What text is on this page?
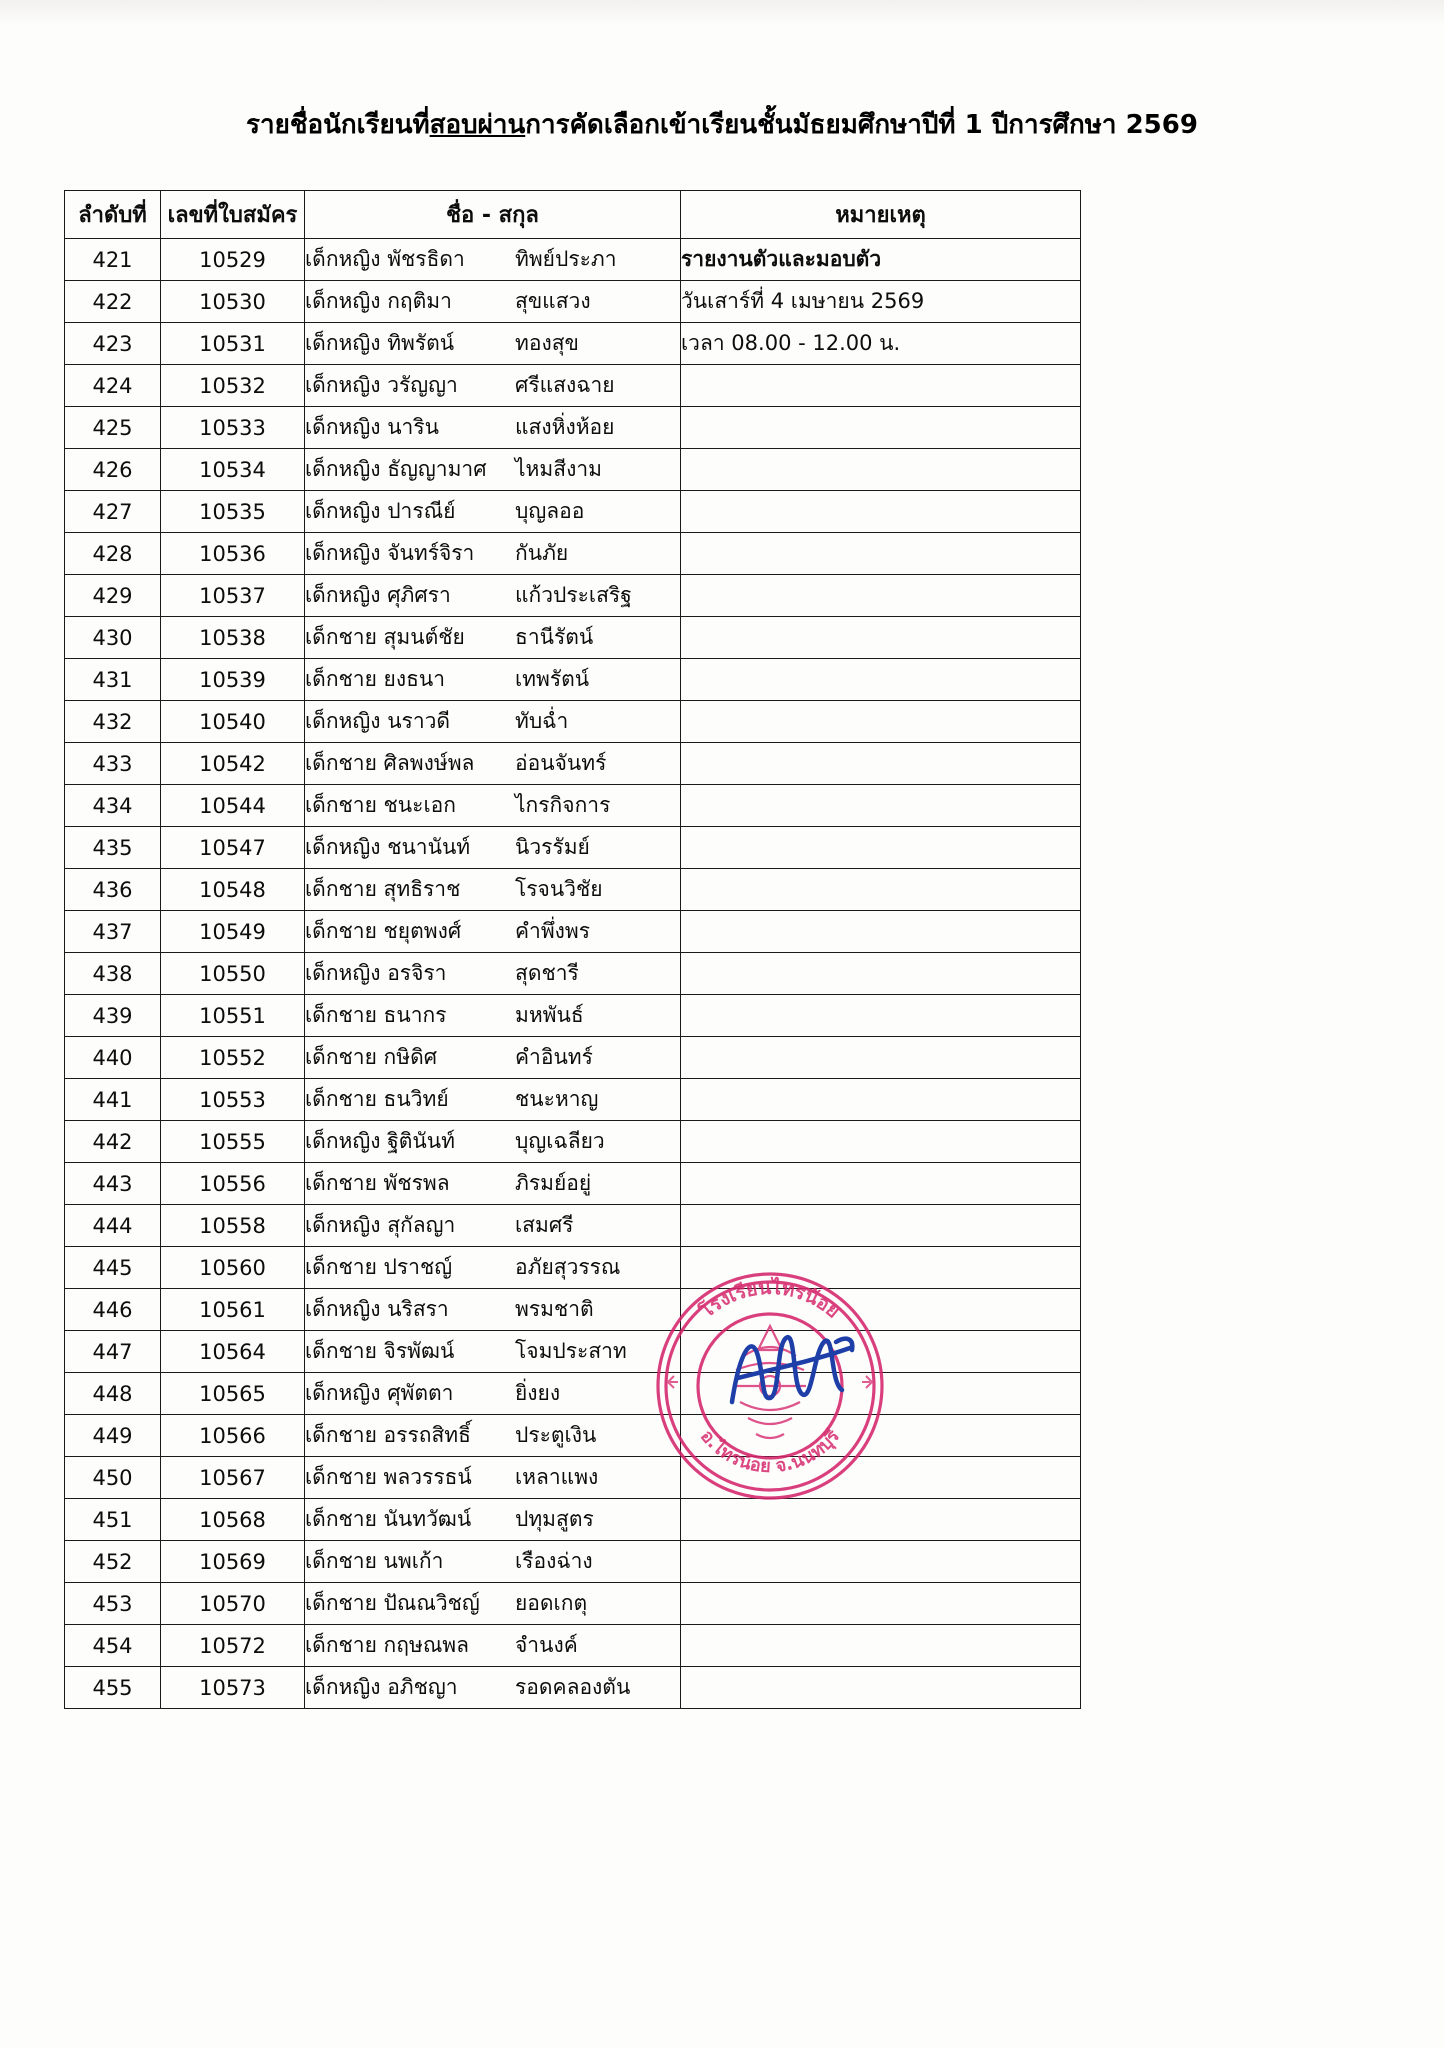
รายชื่อนักเรียนที่สอบผ่านการคัดเลือกเข้าเรียนชั้นมัธยมศึกษาปีที่ 1 ปีการศึกษา 2569
ลำดับที่	เลขที่ใบสมัคร	ชื่อ - สกุล	หมายเหตุ
421	10529	เด็กหญิง พัชรธิดา ทิพย์ประภา	รายงานตัวและมอบตัว
422	10530	เด็กหญิง กฤติมา สุขแสวง	วันเสาร์ที่ 4 เมษายน 2569
423	10531	เด็กหญิง ทิพรัตน์ ทองสุข	เวลา 08.00 - 12.00 น.
424	10532	เด็กหญิง วรัญญา ศรีแสงฉาย	

425	10533	เด็กหญิง นาริน แสงหิ่งห้อย	

426	10534	เด็กหญิง ธัญญามาศ ไหมสีงาม	

427	10535	เด็กหญิง ปารณีย์ บุญลออ	

428	10536	เด็กหญิง จันทร์จิรา กันภัย	

429	10537	เด็กหญิง ศุภิศรา แก้วประเสริฐ	

430	10538	เด็กชาย สุมนต์ชัย ธานีรัตน์	

431	10539	เด็กชาย ยงธนา เทพรัตน์	

432	10540	เด็กหญิง นราวดี ทับฉ่ำ	

433	10542	เด็กชาย ศิลพงษ์พล อ่อนจันทร์	

434	10544	เด็กชาย ชนะเอก ไกรกิจการ	

435	10547	เด็กหญิง ชนานันท์ นิวรรัมย์	

436	10548	เด็กชาย สุทธิราช โรจนวิชัย	

437	10549	เด็กชาย ชยุตพงศ์ คำพึ่งพร	

438	10550	เด็กหญิง อรจิรา สุดชารี	

439	10551	เด็กชาย ธนากร มหพันธ์	

440	10552	เด็กชาย กษิดิศ คำอินทร์	

441	10553	เด็กชาย ธนวิทย์ ชนะหาญ	

442	10555	เด็กหญิง ฐิตินันท์ บุญเฉลียว	

443	10556	เด็กชาย พัชรพล ภิรมย์อยู่	

444	10558	เด็กหญิง สุกัลญา เสมศรี	

445	10560	เด็กชาย ปราชญ์ อภัยสุวรรณ	

446	10561	เด็กหญิง นริสรา พรมชาติ	

447	10564	เด็กชาย จิรพัฒน์ โจมประสาท	

448	10565	เด็กหญิง ศุพัตตา ยิ่งยง	

449	10566	เด็กชาย อรรถสิทธิ์ ประตูเงิน	

450	10567	เด็กชาย พลวรรธน์ เหลาแพง	

451	10568	เด็กชาย นันทวัฒน์ ปทุมสูตร	

452	10569	เด็กชาย นพเก้า เรืองฉ่าง	

453	10570	เด็กชาย ปัณณวิชญ์ ยอดเกตุ	

454	10572	เด็กชาย กฤษณพล จำนงค์	

455	10573	เด็กหญิง อภิชญา รอดคลองตัน	

โรงเรียนไทรน้อย
อ.ไทรน้อย จ.นนทบุรี
